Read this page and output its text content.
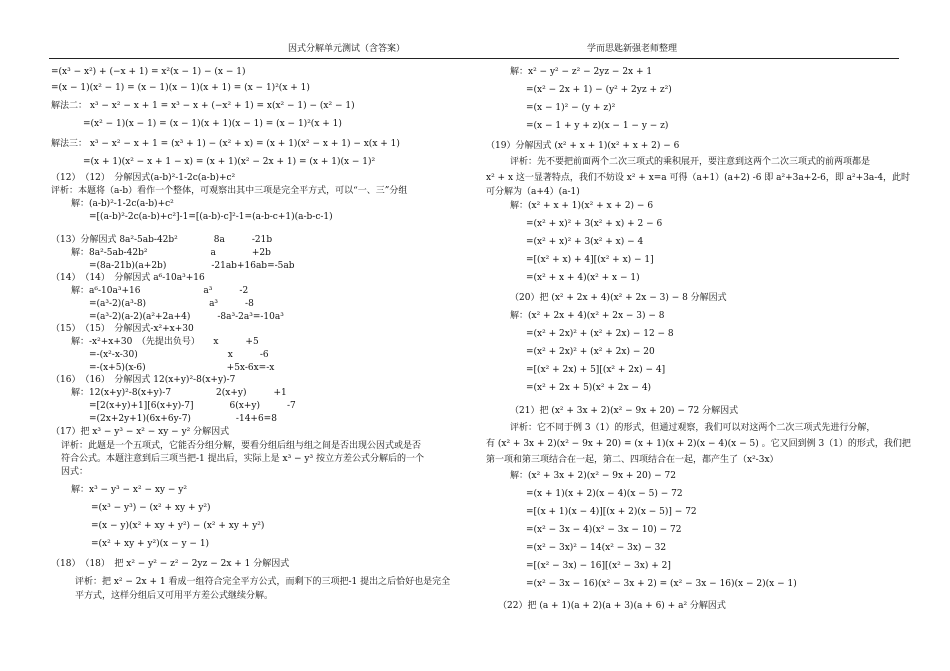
因式分解单元测试（含答案）	学而思匙新强老师整理
=(x³ − x²) + (−x + 1) = x²(x − 1) − (x − 1)
=(x − 1)(x² − 1) = (x − 1)(x − 1)(x + 1) = (x − 1)²(x + 1)
解法二： x³ − x² − x + 1 = x³ − x + (−x² + 1) = x(x² − 1) − (x² − 1)
=(x² − 1)(x − 1) = (x − 1)(x + 1)(x − 1) = (x − 1)²(x + 1)
解法三： x³ − x² − x + 1 = (x³ + 1) − (x² + x) = (x + 1)(x² − x + 1) − x(x + 1)
=(x + 1)(x² − x + 1 − x) = (x + 1)(x² − 2x + 1) = (x + 1)(x − 1)²
（12）　（12）　分解因式(a-b)²-1-2c(a-b)+c²
评析：本题将（a-b）看作一个整体，可观察出其中三项是完全平方式，可以“一、三”分组
解：(a-b)²-1-2c(a-b)+c²
=[(a-b)²-2c(a-b)+c²]-1=[(a-b)-c]²-1=(a-b-c+1)(a-b-c-1)
（13）分解因式 8a²-5ab-42b²　　　　8a　　　-21b
解：8a²-5ab-42b²　　　　　　　a　　　　+2b
=(8a-21b)(a+2b)　　　　　-21ab+16ab=-5ab
（14）　（14）　分解因式 a⁶-10a³+16
解：a⁶-10a³+16　　　　　　　a³　　　-2
=(a³-2)(a³-8)　　　　　　　a³　　　-8
=(a³-2)(a-2)(a²+2a+4)　　　-8a³-2a³=-10a³
（15）　（15）　分解因式-x²+x+30
解：-x²+x+30　（先提出负号）　　x　　　+5
=-(x²-x-30)　　　　　　　　　　x　　　-6
=-(x+5)(x-6)　　　　　　　　　+5x-6x=-x
（16）　（16）　分解因式 12(x+y)²-8(x+y)-7
解：12(x+y)²-8(x+y)-7　　　　　2(x+y)　　　+1
=[2(x+y)+1][6(x+y)-7]　　　　6(x+y)　　　-7
=(2x+2y+1)(6x+6y-7)　　　　　-14+6=8
（17）把 x³ − y³ − x² − xy − y² 分解因式
评析：此题是一个五项式，它能否分组分解，要看分组后组与组之间是否出现公因式或是否
符合公式。本题注意到后三项当把-1 提出后，实际上是 x³ − y³ 按立方差公式分解后的一个
因式：
解：x³ − y³ − x² − xy − y²
=(x³ − y³) − (x² + xy + y²)
=(x − y)(x² + xy + y²) − (x² + xy + y²)
=(x² + xy + y²)(x − y − 1)
（18）　（18）　把 x² − y² − z² − 2yz − 2x + 1 分解因式
评析：把 x² − 2x + 1 看成一组符合完全平方公式，而剩下的三项把-1 提出之后恰好也是完全
平方式，这样分组后又可用平方差公式继续分解。
解：x² − y² − z² − 2yz − 2x + 1
=(x² − 2x + 1) − (y² + 2yz + z²)
=(x − 1)² − (y + z)²
=(x − 1 + y + z)(x − 1 − y − z)
（19）分解因式 (x² + x + 1)(x² + x + 2) − 6
评析：先不要把前面两个二次三项式的乘积展开，要注意到这两个二次三项式的前两项都是
x² + x 这一显著特点，我们不妨设 x² + x=a 可得（a+1）(a+2) -6 即 a²+3a+2-6，即 a²+3a-4，此时
可分解为（a+4）(a-1)
解：(x² + x + 1)(x² + x + 2) − 6
=(x² + x)² + 3(x² + x) + 2 − 6
=(x² + x)² + 3(x² + x) − 4
=[(x² + x) + 4][(x² + x) − 1]
=(x² + x + 4)(x² + x − 1)
（20）把 (x² + 2x + 4)(x² + 2x − 3) − 8 分解因式
解：(x² + 2x + 4)(x² + 2x − 3) − 8
=(x² + 2x)² + (x² + 2x) − 12 − 8
=(x² + 2x)² + (x² + 2x) − 20
=[(x² + 2x) + 5][(x² + 2x) − 4]
=(x² + 2x + 5)(x² + 2x − 4)
（21）把 (x² + 3x + 2)(x² − 9x + 20) − 72 分解因式
评析：它不同于例 3（1）的形式，但通过观察，我们可以对这两个二次三项式先进行分解，
有 (x² + 3x + 2)(x² − 9x + 20) = (x + 1)(x + 2)(x − 4)(x − 5) 。它又回到例 3（1）的形式，我们把
第一项和第三项结合在一起，第二、四项结合在一起，都产生了（x²-3x）
解：(x² + 3x + 2)(x² − 9x + 20) − 72
=(x + 1)(x + 2)(x − 4)(x − 5) − 72
=[(x + 1)(x − 4)][(x + 2)(x − 5)] − 72
=(x² − 3x − 4)(x² − 3x − 10) − 72
=(x² − 3x)² − 14(x² − 3x) − 32
=[(x² − 3x) − 16][(x² − 3x) + 2]
=(x² − 3x − 16)(x² − 3x + 2) = (x² − 3x − 16)(x − 2)(x − 1)
（22）把 (a + 1)(a + 2)(a + 3)(a + 6) + a² 分解因式
